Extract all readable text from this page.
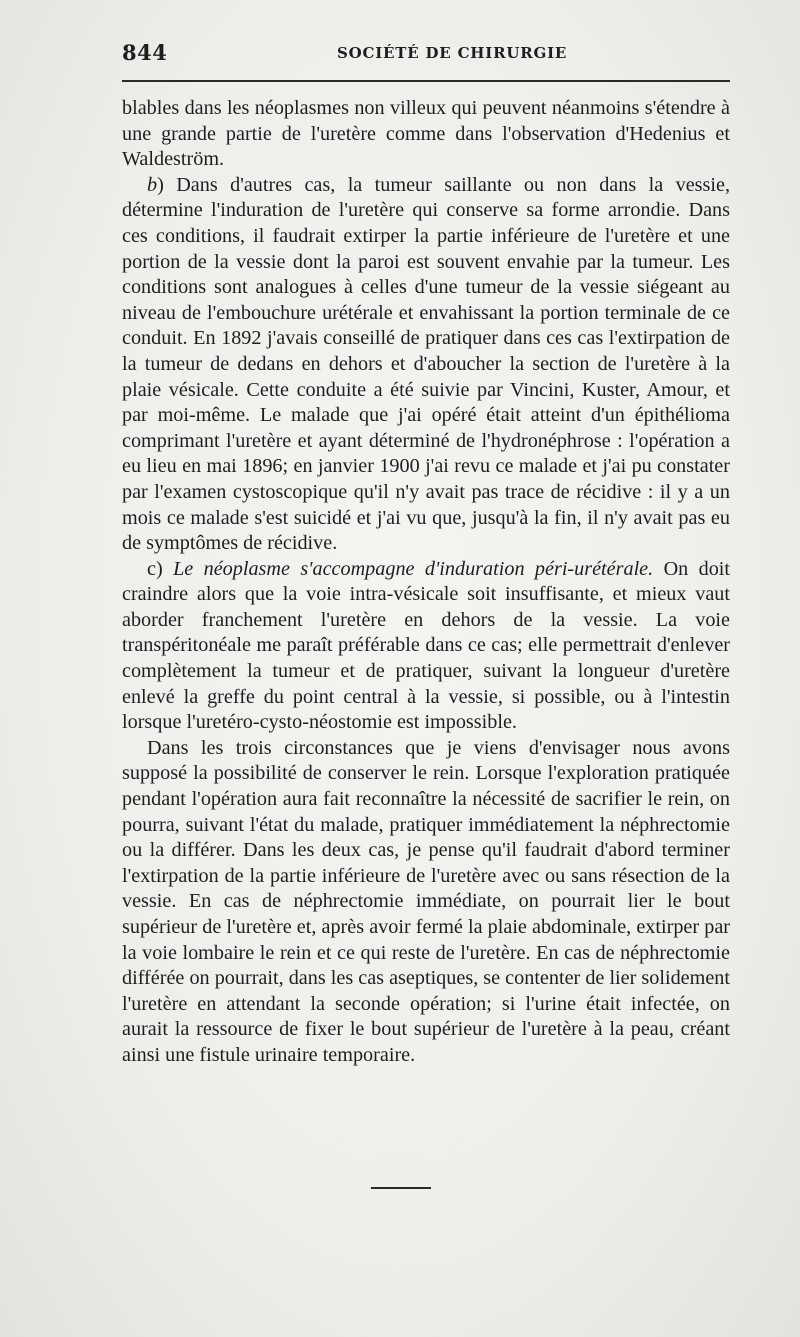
844	SOCIÉTÉ DE CHIRURGIE

blables dans les néoplasmes non villeux qui peuvent néanmoins s'étendre à une grande partie de l'uretère comme dans l'observation d'Hedenius et Waldeström.

b) Dans d'autres cas, la tumeur saillante ou non dans la vessie, détermine l'induration de l'uretère qui conserve sa forme arrondie. Dans ces conditions, il faudrait extirper la partie inférieure de l'uretère et une portion de la vessie dont la paroi est souvent envahie par la tumeur. Les conditions sont analogues à celles d'une tumeur de la vessie siégeant au niveau de l'embouchure urétérale et envahissant la portion terminale de ce conduit. En 1892 j'avais conseillé de pratiquer dans ces cas l'extirpation de la tumeur de dedans en dehors et d'aboucher la section de l'uretère à la plaie vésicale. Cette conduite a été suivie par Vincini, Kuster, Amour, et par moi-même. Le malade que j'ai opéré était atteint d'un épithélioma comprimant l'uretère et ayant déterminé de l'hydronéphrose : l'opération a eu lieu en mai 1896; en janvier 1900 j'ai revu ce malade et j'ai pu constater par l'examen cystoscopique qu'il n'y avait pas trace de récidive : il y a un mois ce malade s'est suicidé et j'ai vu que, jusqu'à la fin, il n'y avait pas eu de symptômes de récidive.

c) Le néoplasme s'accompagne d'induration péri-urétérale. On doit craindre alors que la voie intra-vésicale soit insuffisante, et mieux vaut aborder franchement l'uretère en dehors de la vessie. La voie transpéritonéale me paraît préférable dans ce cas; elle permettrait d'enlever complètement la tumeur et de pratiquer, suivant la longueur d'uretère enlevé la greffe du point central à la vessie, si possible, ou à l'intestin lorsque l'uretéro-cysto-néostomie est impossible.

Dans les trois circonstances que je viens d'envisager nous avons supposé la possibilité de conserver le rein. Lorsque l'exploration pratiquée pendant l'opération aura fait reconnaître la nécessité de sacrifier le rein, on pourra, suivant l'état du malade, pratiquer immédiatement la néphrectomie ou la différer. Dans les deux cas, je pense qu'il faudrait d'abord terminer l'extirpation de la partie inférieure de l'uretère avec ou sans résection de la vessie. En cas de néphrectomie immédiate, on pourrait lier le bout supérieur de l'uretère et, après avoir fermé la plaie abdominale, extirper par la voie lombaire le rein et ce qui reste de l'uretère. En cas de néphrectomie différée on pourrait, dans les cas aseptiques, se contenter de lier solidement l'uretère en attendant la seconde opération; si l'urine était infectée, on aurait la ressource de fixer le bout supérieur de l'uretère à la peau, créant ainsi une fistule urinaire temporaire.
